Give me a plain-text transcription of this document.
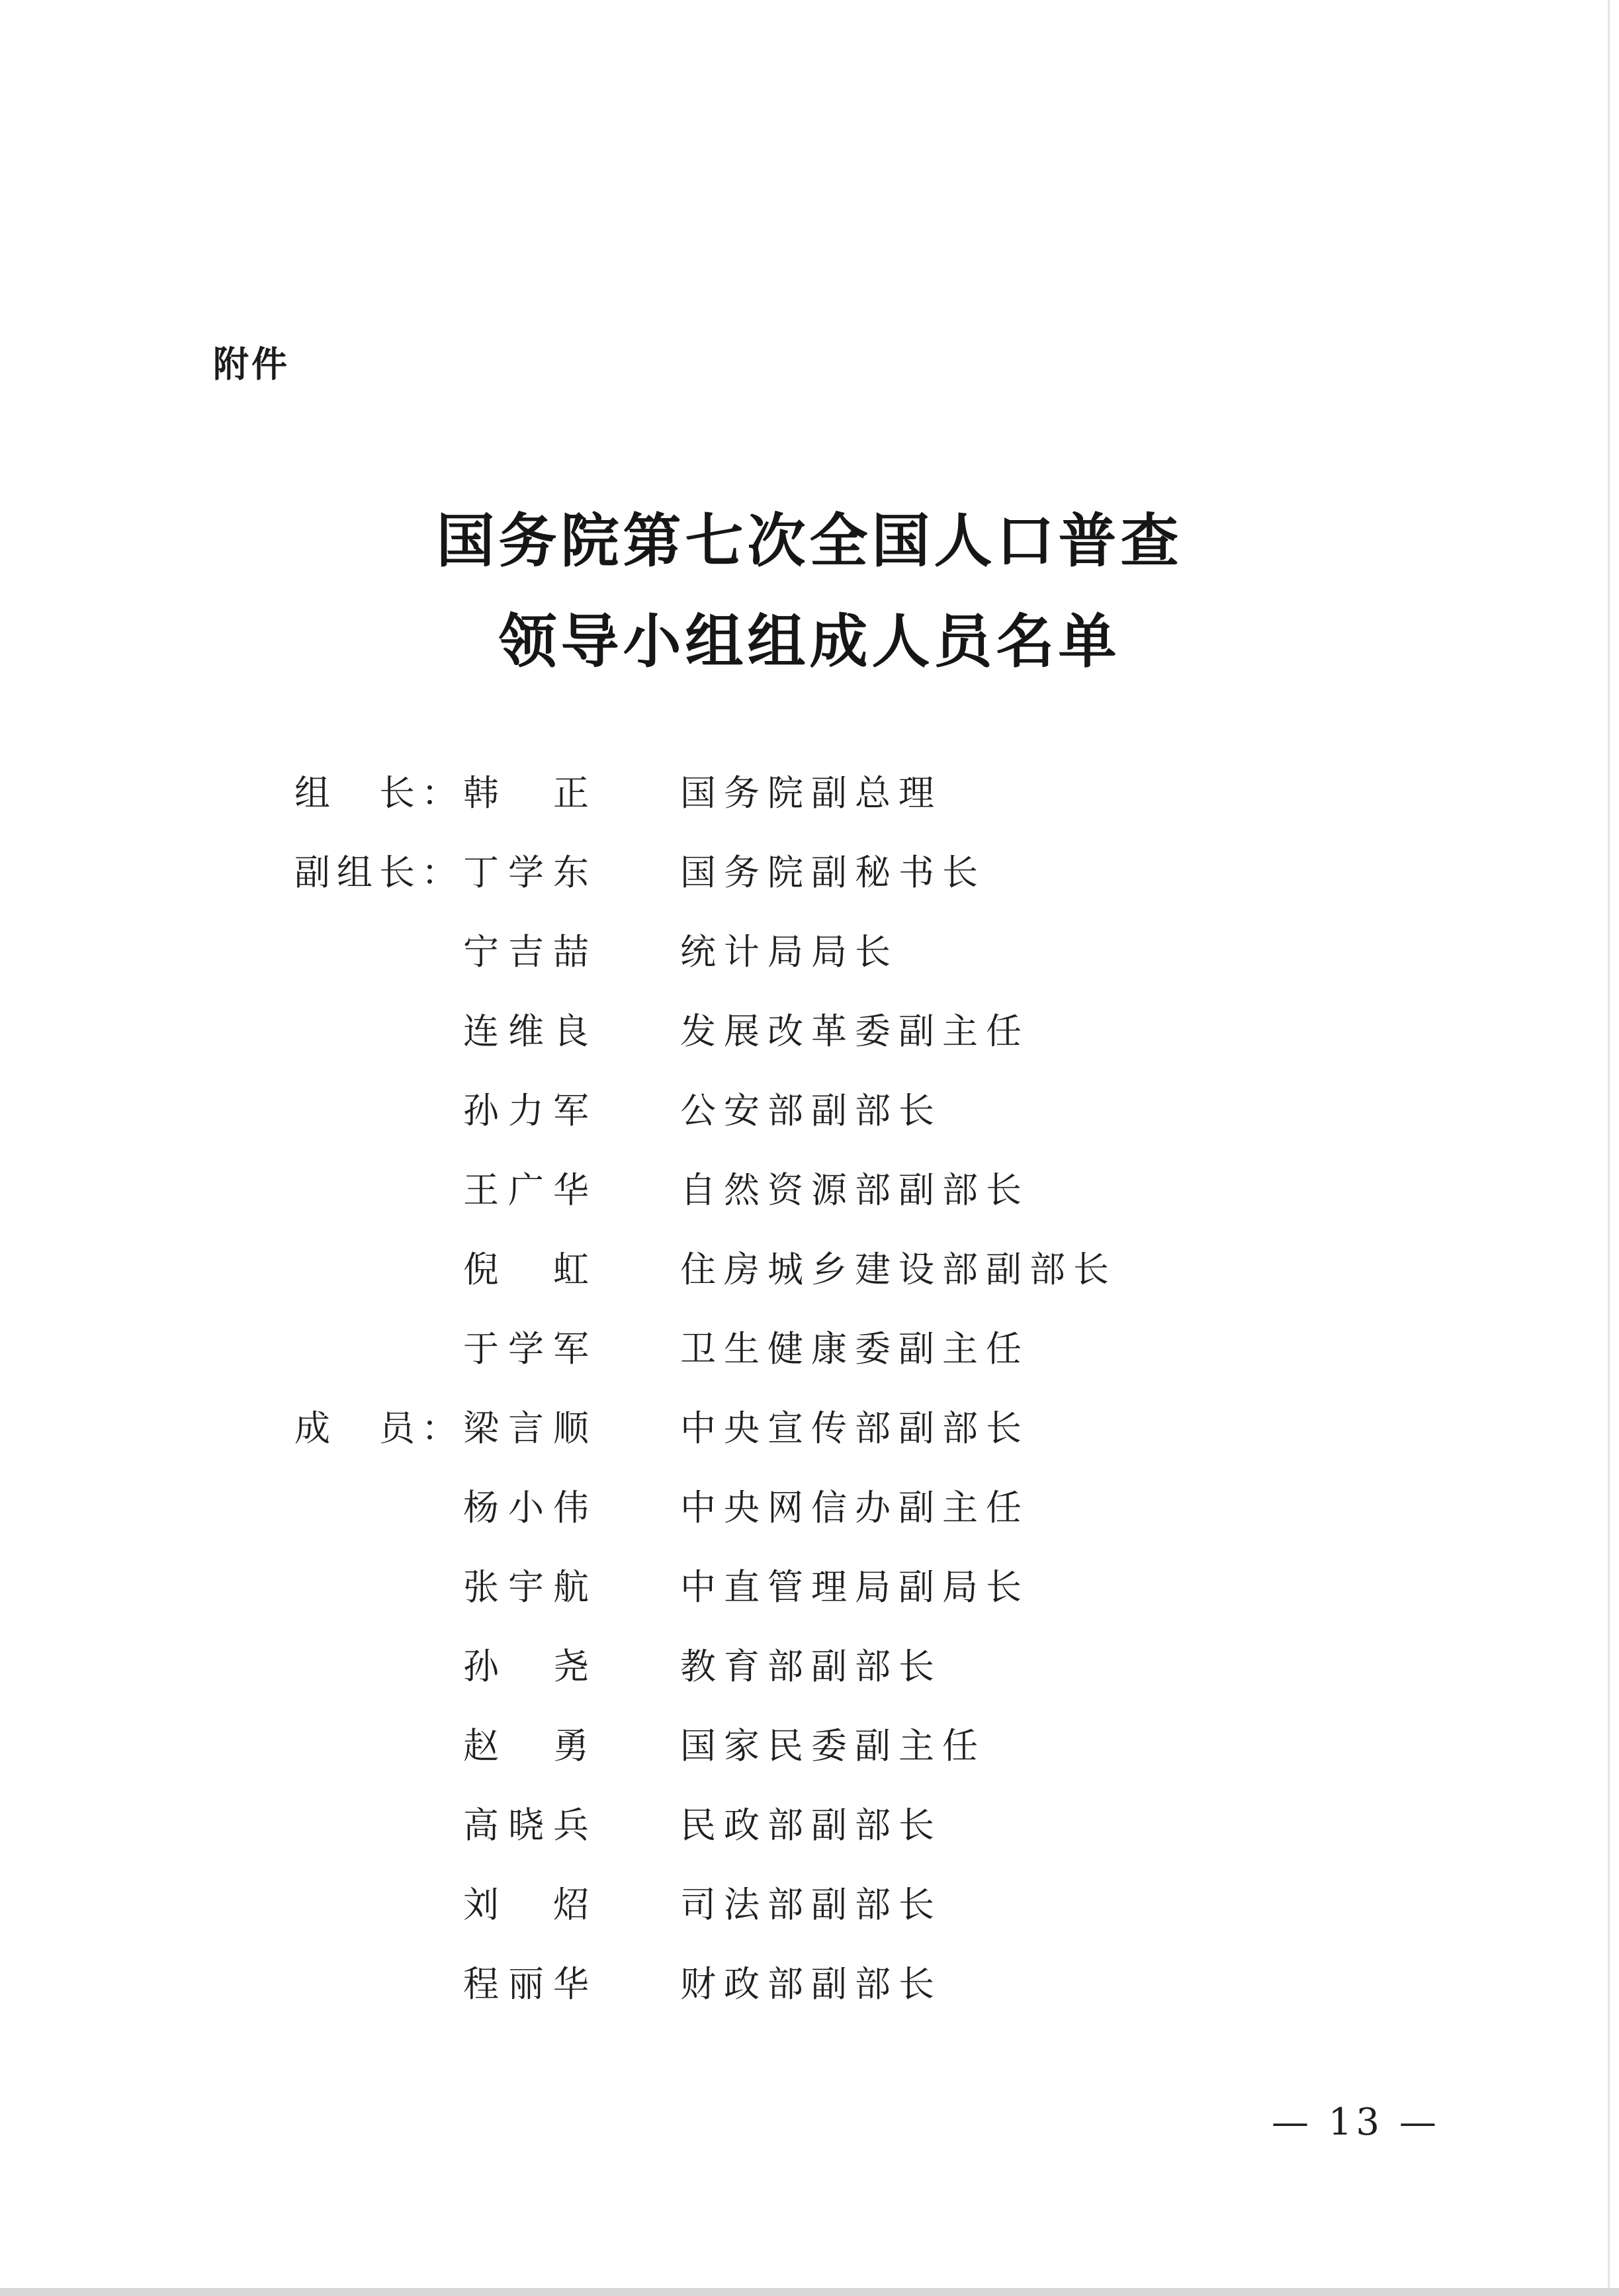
附件
国务院第七次全国人口普查
领导小组组成人员名单
组　长： 韩　正 国务院副总理
副组长： 丁学东 国务院副秘书长
宁吉喆 统计局局长
连维良 发展改革委副主任
孙力军 公安部副部长
王广华 自然资源部副部长
倪　虹 住房城乡建设部副部长
于学军 卫生健康委副主任
成　员： 梁言顺 中央宣传部副部长
杨小伟 中央网信办副主任
张宇航 中直管理局副局长
孙　尧 教育部副部长
赵　勇 国家民委副主任
高晓兵 民政部副部长
刘　炤 司法部副部长
程丽华 财政部副部长
— 13 —
